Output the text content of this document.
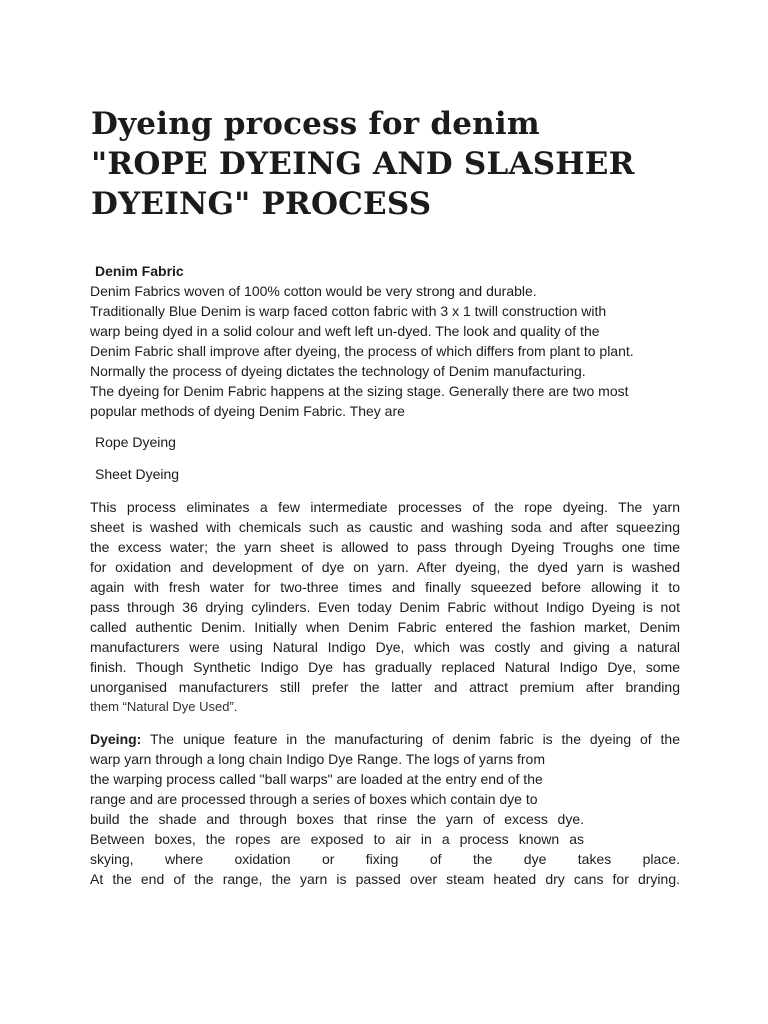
Dyeing process for denim
"ROPE DYEING AND SLASHER
DYEING" PROCESS
Denim Fabric
Denim Fabrics woven of 100% cotton would be very strong and durable.
Traditionally Blue Denim is warp faced cotton fabric with 3 x 1 twill construction with
warp being dyed in a solid colour and weft left un-dyed. The look and quality of the
Denim Fabric shall improve after dyeing, the process of which differs from plant to plant.
Normally the process of dyeing dictates the technology of Denim manufacturing.
The dyeing for Denim Fabric happens at the sizing stage. Generally there are two most
popular methods of dyeing Denim Fabric. They are
Rope Dyeing
Sheet Dyeing
This process eliminates a few intermediate processes of the rope dyeing. The yarn
sheet is washed with chemicals such as caustic and washing soda and after squeezing
the excess water; the yarn sheet is allowed to pass through Dyeing Troughs one time
for oxidation and development of dye on yarn. After dyeing, the dyed yarn is washed
again with fresh water for two-three times and finally squeezed before allowing it to
pass through 36 drying cylinders. Even today Denim Fabric without Indigo Dyeing is not
called authentic Denim. Initially when Denim Fabric entered the fashion market, Denim
manufacturers were using Natural Indigo Dye, which was costly and giving a natural
finish. Though Synthetic Indigo Dye has gradually replaced Natural Indigo Dye, some
unorganised manufacturers still prefer the latter and attract premium after branding
them “Natural Dye Used”.
Dyeing: The unique feature in the manufacturing of denim fabric is the dyeing of the
warp yarn through a long chain Indigo Dye Range. The logs of yarns from
the warping process called "ball warps" are loaded at the entry end of the
range and are processed through a series of boxes which contain dye to
build the shade and through boxes that rinse the yarn of excess dye.
Between boxes, the ropes are exposed to air in a process known as
skying, where oxidation or fixing of the dye takes place.
At the end of the range, the yarn is passed over steam heated dry cans for drying.
